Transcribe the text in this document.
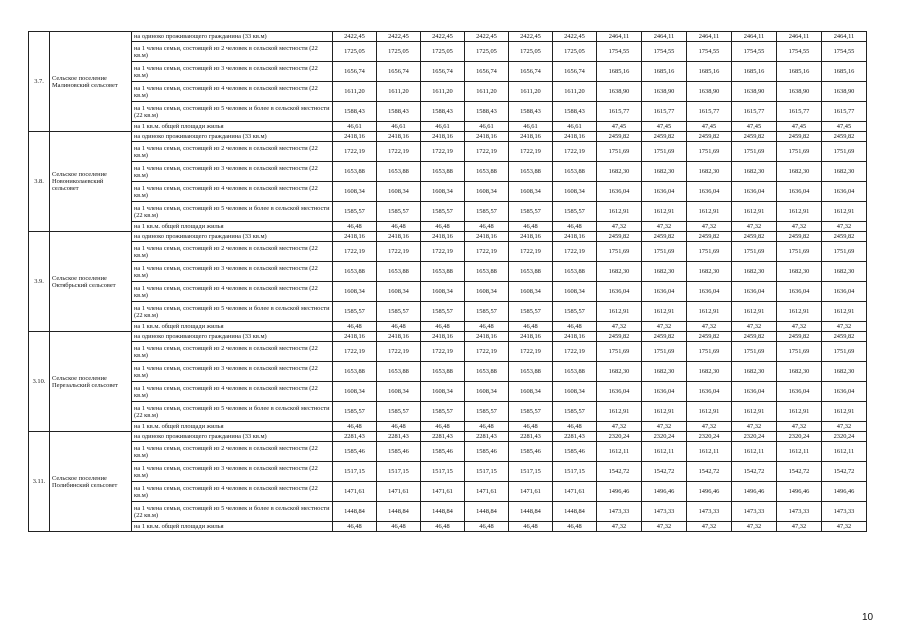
3.7.	Сельское поселение Малиновский сельсовет	на одиноко проживающего гражданина (33 кв.м)	2422,45	2422,45	2422,45	2422,45	2422,45	2422,45	2464,11	2464,11	2464,11	2464,11	2464,11	2464,11
		на 1 члена семьи, состоящей из 2 человек в сельской местности (22 кв.м)	1725,05	1725,05	1725,05	1725,05	1725,05	1725,05	1754,55	1754,55	1754,55	1754,55	1754,55	1754,55
		на 1 члена семьи, состоящей из 3 человек в сельской местности (22 кв.м)	1656,74	1656,74	1656,74	1656,74	1656,74	1656,74	1685,16	1685,16	1685,16	1685,16	1685,16	1685,16
		на 1 члена семьи, состоящей из 4 человек в сельской местности (22 кв.м)	1611,20	1611,20	1611,20	1611,20	1611,20	1611,20	1638,90	1638,90	1638,90	1638,90	1638,90	1638,90
		на 1 члена семьи, состоящей из 5 человек и более в сельской местности (22 кв.м)	1588,43	1588,43	1588,43	1588,43	1588,43	1588,43	1615,77	1615,77	1615,77	1615,77	1615,77	1615,77
		на 1 кв.м. общей площади жилья	46,61	46,61	46,61	46,61	46,61	46,61	47,45	47,45	47,45	47,45	47,45	47,45
3.8.	Сельское поселение Новониколаевский сельсовет	на одиноко проживающего гражданина (33 кв.м)	2418,16	2418,16	2418,16	2418,16	2418,16	2418,16	2459,82	2459,82	2459,82	2459,82	2459,82	2459,82
		на 1 члена семьи, состоящей из 2 человек в сельской местности (22 кв.м)	1722,19	1722,19	1722,19	1722,19	1722,19	1722,19	1751,69	1751,69	1751,69	1751,69	1751,69	1751,69
		на 1 члена семьи, состоящей из 3 человек в сельской местности (22 кв.м)	1653,88	1653,88	1653,88	1653,88	1653,88	1653,88	1682,30	1682,30	1682,30	1682,30	1682,30	1682,30
		на 1 члена семьи, состоящей из 4 человек в сельской местности (22 кв.м)	1608,34	1608,34	1608,34	1608,34	1608,34	1608,34	1636,04	1636,04	1636,04	1636,04	1636,04	1636,04
		на 1 члена семьи, состоящей из 5 человек и более в сельской местности (22 кв.м)	1585,57	1585,57	1585,57	1585,57	1585,57	1585,57	1612,91	1612,91	1612,91	1612,91	1612,91	1612,91
		на 1 кв.м. общей площади жилья	46,48	46,48	46,48	46,48	46,48	46,48	47,32	47,32	47,32	47,32	47,32	47,32
3.9.	Сельское поселение Октябрьский сельсовет	на одиноко проживающего гражданина (33 кв.м)	2418,16	2418,16	2418,16	2418,16	2418,16	2418,16	2459,82	2459,82	2459,82	2459,82	2459,82	2459,82
		на 1 члена семьи, состоящей из 2 человек в сельской местности (22 кв.м)	1722,19	1722,19	1722,19	1722,19	1722,19	1722,19	1751,69	1751,69	1751,69	1751,69	1751,69	1751,69
		на 1 члена семьи, состоящей из 3 человек в сельской местности (22 кв.м)	1653,88	1653,88	1653,88	1653,88	1653,88	1653,88	1682,30	1682,30	1682,30	1682,30	1682,30	1682,30
		на 1 члена семьи, состоящей из 4 человек в сельской местности (22 кв.м)	1608,34	1608,34	1608,34	1608,34	1608,34	1608,34	1636,04	1636,04	1636,04	1636,04	1636,04	1636,04
		на 1 члена семьи, состоящей из 5 человек и более в сельской местности (22 кв.м)	1585,57	1585,57	1585,57	1585,57	1585,57	1585,57	1612,91	1612,91	1612,91	1612,91	1612,91	1612,91
		на 1 кв.м. общей площади жилья	46,48	46,48	46,48	46,48	46,48	46,48	47,32	47,32	47,32	47,32	47,32	47,32
3.10.	Сельское поселение Перезальский сельсовет	на одиноко проживающего гражданина (33 кв.м)	2418,16	2418,16	2418,16	2418,16	2418,16	2418,16	2459,82	2459,82	2459,82	2459,82	2459,82	2459,82
		на 1 члена семьи, состоящей из 2 человек в сельской местности (22 кв.м)	1722,19	1722,19	1722,19	1722,19	1722,19	1722,19	1751,69	1751,69	1751,69	1751,69	1751,69	1751,69
		на 1 члена семьи, состоящей из 3 человек в сельской местности (22 кв.м)	1653,88	1653,88	1653,88	1653,88	1653,88	1653,88	1682,30	1682,30	1682,30	1682,30	1682,30	1682,30
		на 1 члена семьи, состоящей из 4 человек в сельской местности (22 кв.м)	1608,34	1608,34	1608,34	1608,34	1608,34	1608,34	1636,04	1636,04	1636,04	1636,04	1636,04	1636,04
		на 1 члена семьи, состоящей из 5 человек и более в сельской местности (22 кв.м)	1585,57	1585,57	1585,57	1585,57	1585,57	1585,57	1612,91	1612,91	1612,91	1612,91	1612,91	1612,91
		на 1 кв.м. общей площади жилья	46,48	46,48	46,48	46,48	46,48	46,48	47,32	47,32	47,32	47,32	47,32	47,32
3.11.	Сельское поселение Полибинский сельсовет	на одиноко проживающего гражданина (33 кв.м)	2281,43	2281,43	2281,43	2281,43	2281,43	2281,43	2320,24	2320,24	2320,24	2320,24	2320,24	2320,24
		на 1 члена семьи, состоящей из 2 человек в сельской местности (22 кв.м)	1585,46	1585,46	1585,46	1585,46	1585,46	1585,46	1612,11	1612,11	1612,11	1612,11	1612,11	1612,11
		на 1 члена семьи, состоящей из 3 человек в сельской местности (22 кв.м)	1517,15	1517,15	1517,15	1517,15	1517,15	1517,15	1542,72	1542,72	1542,72	1542,72	1542,72	1542,72
		на 1 члена семьи, состоящей из 4 человек в сельской местности (22 кв.м)	1471,61	1471,61	1471,61	1471,61	1471,61	1471,61	1496,46	1496,46	1496,46	1496,46	1496,46	1496,46
		на 1 члена семьи, состоящей из 5 человек и более в сельской местности (22 кв.м)	1448,84	1448,84	1448,84	1448,84	1448,84	1448,84	1473,33	1473,33	1473,33	1473,33	1473,33	1473,33
		на 1 кв.м. общей площади жилья	46,48	46,48	46,48	46,48	46,48	46,48	47,32	47,32	47,32	47,32	47,32	47,32
10
